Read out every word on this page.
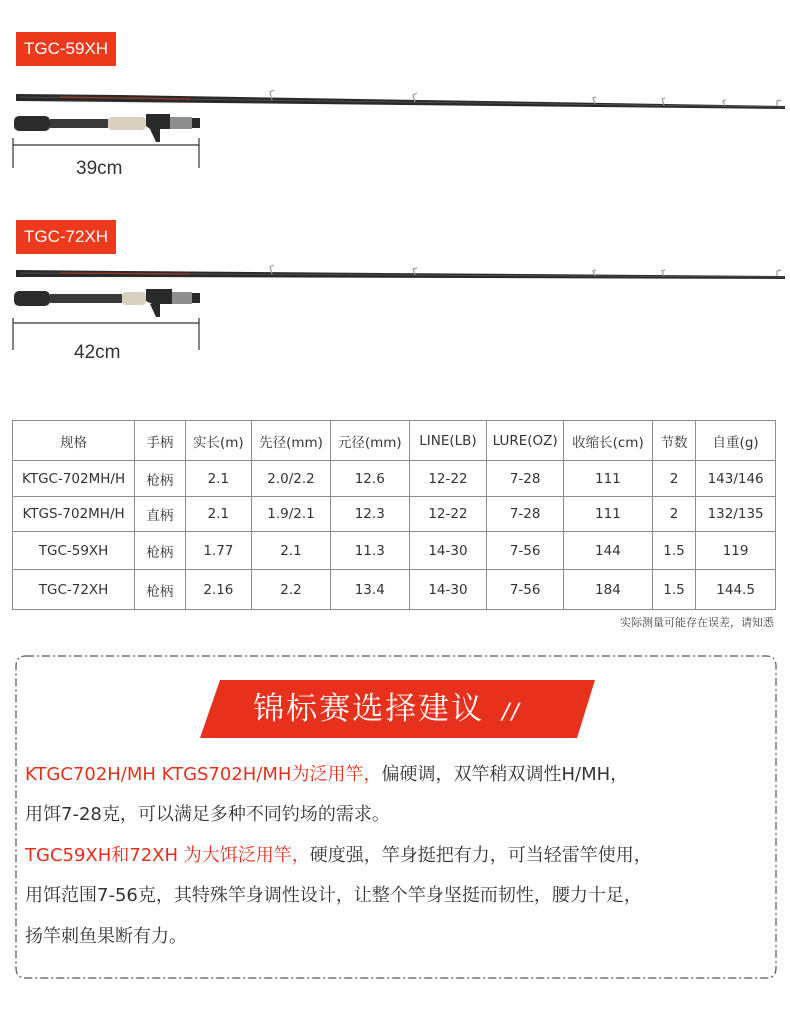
TGC-59XH
39cm
TGC-72XH
42cm
规格	手柄	实长(m)	先径(mm)	元径(mm)	LINE(LB)	LURE(OZ)	收缩长(cm)	节数	自重(g)
KTGC-702MH/H	枪柄	2.1	2.0/2.2	12.6	12-22	7-28	111	2	143/146
KTGS-702MH/H	直柄	2.1	1.9/2.1	12.3	12-22	7-28	111	2	132/135
TGC-59XH	枪柄	1.77	2.1	11.3	14-30	7-56	144	1.5	119
TGC-72XH	枪柄	2.16	2.2	13.4	14-30	7-56	184	1.5	144.5
实际测量可能存在误差，请知悉
锦标赛选择建议 //
KTGC702H/MH KTGS702H/MH为泛用竿，偏硬调，双竿稍双调性H/MH，
用饵7-28克，可以满足多种不同钓场的需求。
TGC59XH和72XH 为大饵泛用竿，硬度强，竿身挺把有力，可当轻雷竿使用，
用饵范围7-56克，其特殊竿身调性设计，让整个竿身坚挺而韧性，腰力十足，
扬竿刺鱼果断有力。
